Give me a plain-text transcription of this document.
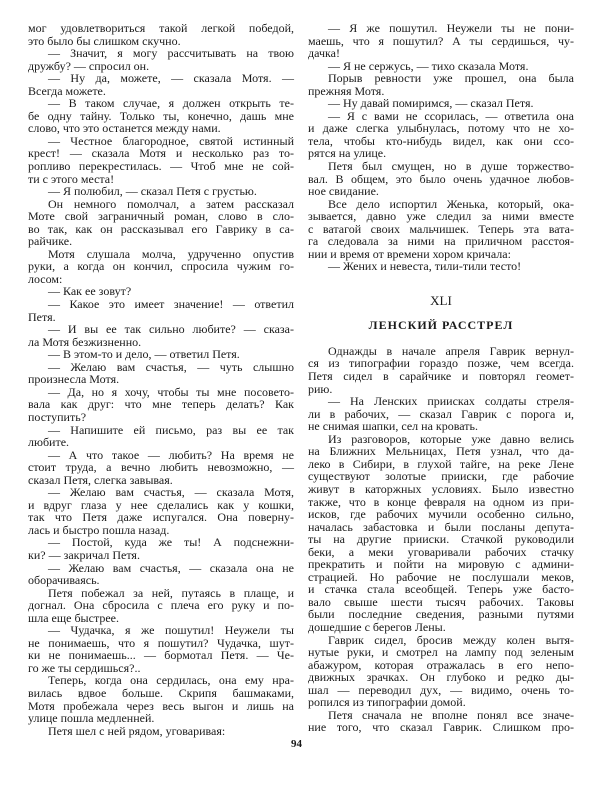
мог удовлетвориться такой легкой победой,
это было бы слишком скучно.
— Значит, я могу рассчитывать на твою
дружбу? — спросил он.
— Ну да, можете, — сказала Мотя. —
Всегда можете.
— В таком случае, я должен открыть те-
бе одну тайну. Только ты, конечно, дашь мне
слово, что это останется между нами.
— Честное благородное, святой истинный
крест! — сказала Мотя и несколько раз то-
ропливо перекрестилась. — Чтоб мне не сой-
ти с этого места!
— Я полюбил, — сказал Петя с грустью.
Он немного помолчал, а затем рассказал
Моте свой заграничный роман, слово в сло-
во так, как он рассказывал его Гаврику в са-
райчике.
Мотя слушала молча, удрученно опустив
руки, а когда он кончил, спросила чужим го-
лосом:
— Как ее зовут?
— Какое это имеет значение! — ответил
Петя.
— И вы ее так сильно любите? — сказа-
ла Мотя безжизненно.
— В этом-то и дело, — ответил Петя.
— Желаю вам счастья, — чуть слышно
произнесла Мотя.
— Да, но я хочу, чтобы ты мне посовето-
вала как друг: что мне теперь делать? Как
поступить?
— Напишите ей письмо, раз вы ее так
любите.
— А что такое — любить? На время не
стоит труда, а вечно любить невозможно, —
сказал Петя, слегка завывая.
— Желаю вам счастья, — сказала Мотя,
и вдруг глаза у нее сделались как у кошки,
так что Петя даже испугался. Она поверну-
лась и быстро пошла назад.
— Постой, куда же ты! А подснежни-
ки? — закричал Петя.
— Желаю вам счастья, — сказала она не
оборачиваясь.
Петя побежал за ней, путаясь в плаще, и
догнал. Она сбросила с плеча его руку и по-
шла еще быстрее.
— Чудачка, я же пошутил! Неужели ты
не понимаешь, что я пошутил? Чудачка, шут-
ки не понимаешь... — бормотал Петя. — Че-
го же ты сердишься?..
Теперь, когда она сердилась, она ему нра-
вилась вдвое больше. Скрипя башмаками,
Мотя пробежала через весь выгон и лишь на
улице пошла медленней.
Петя шел с ней рядом, уговаривая:
— Я же пошутил. Неужели ты не пони-
маешь, что я пошутил? А ты сердишься, чу-
дачка!
— Я не сержусь, — тихо сказала Мотя.
Порыв ревности уже прошел, она была
прежняя Мотя.
— Ну давай помиримся, — сказал Петя.
— Я с вами не ссорилась, — ответила она
и даже слегка улыбнулась, потому что не хо-
тела, чтобы кто-нибудь видел, как они ссо-
рятся на улице.
Петя был смущен, но в душе торжество-
вал. В общем, это было очень удачное любов-
ное свидание.
Все дело испортил Женька, который, ока-
зывается, давно уже следил за ними вместе
с ватагой своих мальчишек. Теперь эта вата-
га следовала за ними на приличном расстоя-
нии и время от времени хором кричала:
— Жених и невеста, тили-тили тесто!
XLI
ЛЕНСКИЙ РАССТРЕЛ
Однажды в начале апреля Гаврик вернул-
ся из типографии гораздо позже, чем всегда.
Петя сидел в сарайчике и повторял геомет-
рию.
— На Ленских приисках солдаты стреля-
ли в рабочих, — сказал Гаврик с порога и,
не снимая шапки, сел на кровать.
Из разговоров, которые уже давно велись
на Ближних Мельницах, Петя узнал, что да-
леко в Сибири, в глухой тайге, на реке Лене
существуют золотые прииски, где рабочие
живут в каторжных условиях. Было известно
также, что в конце февраля на одном из при-
исков, где рабочих мучили особенно сильно,
началась забастовка и были посланы депута-
ты на другие прииски. Стачкой руководили
беки, а меки уговаривали рабочих стачку
прекратить и пойти на мировую с админи-
страцией. Но рабочие не послушали меков,
и стачка стала всеобщей. Теперь уже басто-
вало свыше шести тысяч рабочих. Таковы
были последние сведения, разными путями
дошедшие с берегов Лены.
Гаврик сидел, бросив между колен вытя-
нутые руки, и смотрел на лампу под зеленым
абажуром, которая отражалась в его непо-
движных зрачках. Он глубоко и редко ды-
шал — переводил дух, — видимо, очень то-
ропился из типографии домой.
Петя сначала не вполне понял все значе-
ние того, что сказал Гаврик. Слишком про-
94
